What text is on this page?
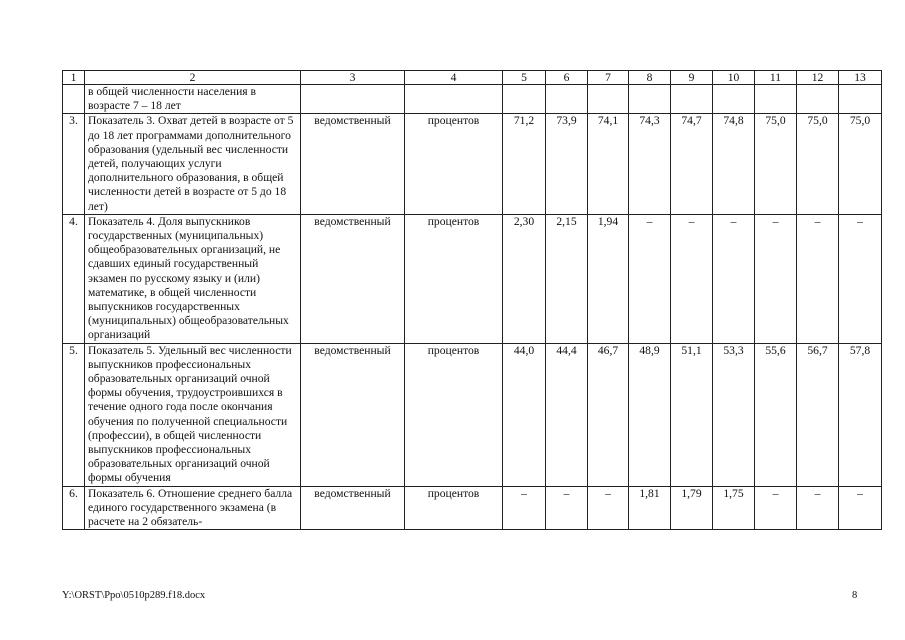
1	2	3	4	5	6	7	8	9	10	11	12	13
	в общей численности населения в возрасте 7 – 18 лет											
3.	Показатель 3. Охват детей в возрасте от 5 до 18 лет программами дополнительного образования (удельный вес численности детей, получающих услуги дополнительного образования, в общей численности детей в возрасте от 5 до 18 лет)	ведомственный	процентов	71,2	73,9	74,1	74,3	74,7	74,8	75,0	75,0	75,0
4.	Показатель 4. Доля выпускников государственных (муниципальных) общеобразовательных организаций, не сдавших единый государственный экзамен по русскому языку и (или) математике, в общей численности выпускников государственных (муниципальных) общеобразовательных организаций	ведомственный	процентов	2,30	2,15	1,94	–	–	–	–	–	–
5.	Показатель 5. Удельный вес численности выпускников профессиональных образовательных организаций очной формы обучения, трудоустроившихся в течение одного года после окончания обучения по полученной специальности (профессии), в общей численности выпускников профессиональных образовательных организаций очной формы обучения	ведомственный	процентов	44,0	44,4	46,7	48,9	51,1	53,3	55,6	56,7	57,8
6.	Показатель 6. Отношение среднего балла единого государственного экзамена (в расчете на 2 обязатель-	ведомственный	процентов	–	–	–	1,81	1,79	1,75	–	–	–
Y:\ORST\Ppo\0510p289.f18.docx	8
